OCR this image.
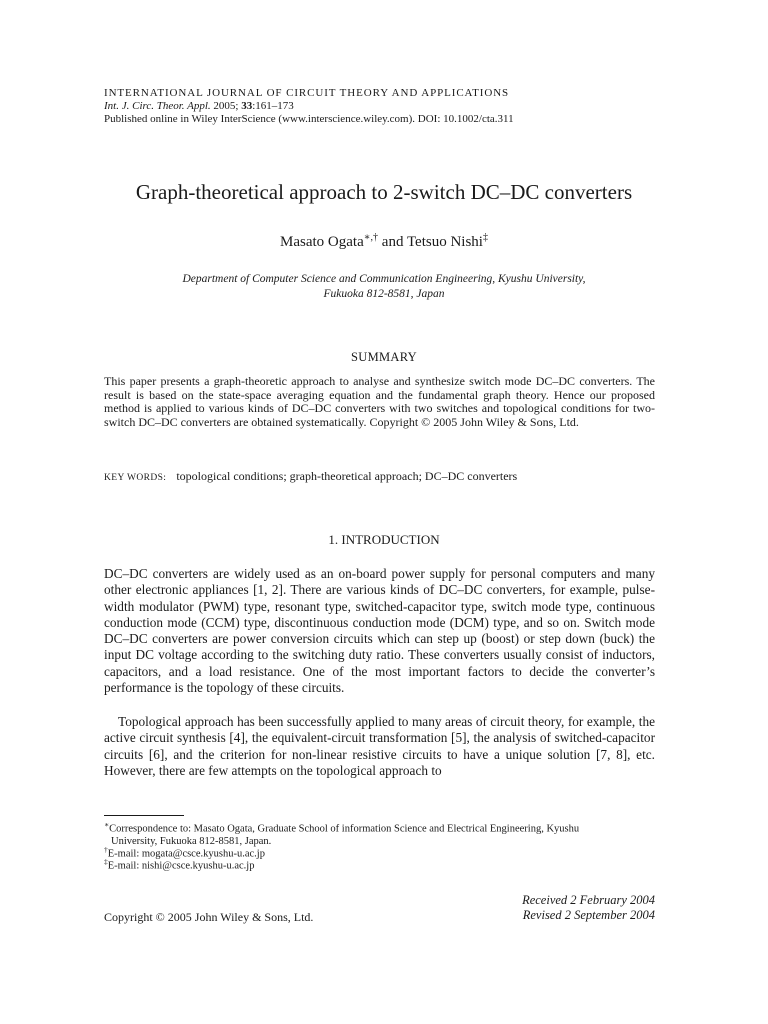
INTERNATIONAL JOURNAL OF CIRCUIT THEORY AND APPLICATIONS
Int. J. Circ. Theor. Appl. 2005; 33:161–173
Published online in Wiley InterScience (www.interscience.wiley.com). DOI: 10.1002/cta.311
Graph-theoretical approach to 2-switch DC–DC converters
Masato Ogata∗,† and Tetsuo Nishi‡
Department of Computer Science and Communication Engineering, Kyushu University,
Fukuoka 812-8581, Japan
SUMMARY
This paper presents a graph-theoretic approach to analyse and synthesize switch mode DC–DC converters. The result is based on the state-space averaging equation and the fundamental graph theory. Hence our proposed method is applied to various kinds of DC–DC converters with two switches and topological conditions for two-switch DC–DC converters are obtained systematically. Copyright © 2005 John Wiley & Sons, Ltd.
KEY WORDS: topological conditions; graph-theoretical approach; DC–DC converters
1. INTRODUCTION
DC–DC converters are widely used as an on-board power supply for personal computers and many other electronic appliances [1, 2]. There are various kinds of DC–DC converters, for example, pulse-width modulator (PWM) type, resonant type, switched-capacitor type, switch mode type, continuous conduction mode (CCM) type, discontinuous conduction mode (DCM) type, and so on. Switch mode DC–DC converters are power conversion circuits which can step up (boost) or step down (buck) the input DC voltage according to the switching duty ratio. These converters usually consist of inductors, capacitors, and a load resistance. One of the most important factors to decide the converter’s performance is the topology of these circuits.
Topological approach has been successfully applied to many areas of circuit theory, for example, the active circuit synthesis [4], the equivalent-circuit transformation [5], the analysis of switched-capacitor circuits [6], and the criterion for non-linear resistive circuits to have a unique solution [7, 8], etc. However, there are few attempts on the topological approach to
∗Correspondence to: Masato Ogata, Graduate School of information Science and Electrical Engineering, Kyushu
University, Fukuoka 812-8581, Japan.
†E-mail: mogata@csce.kyushu-u.ac.jp
‡E-mail: nishi@csce.kyushu-u.ac.jp
Received 2 February 2004
Revised 2 September 2004
Copyright © 2005 John Wiley & Sons, Ltd.
